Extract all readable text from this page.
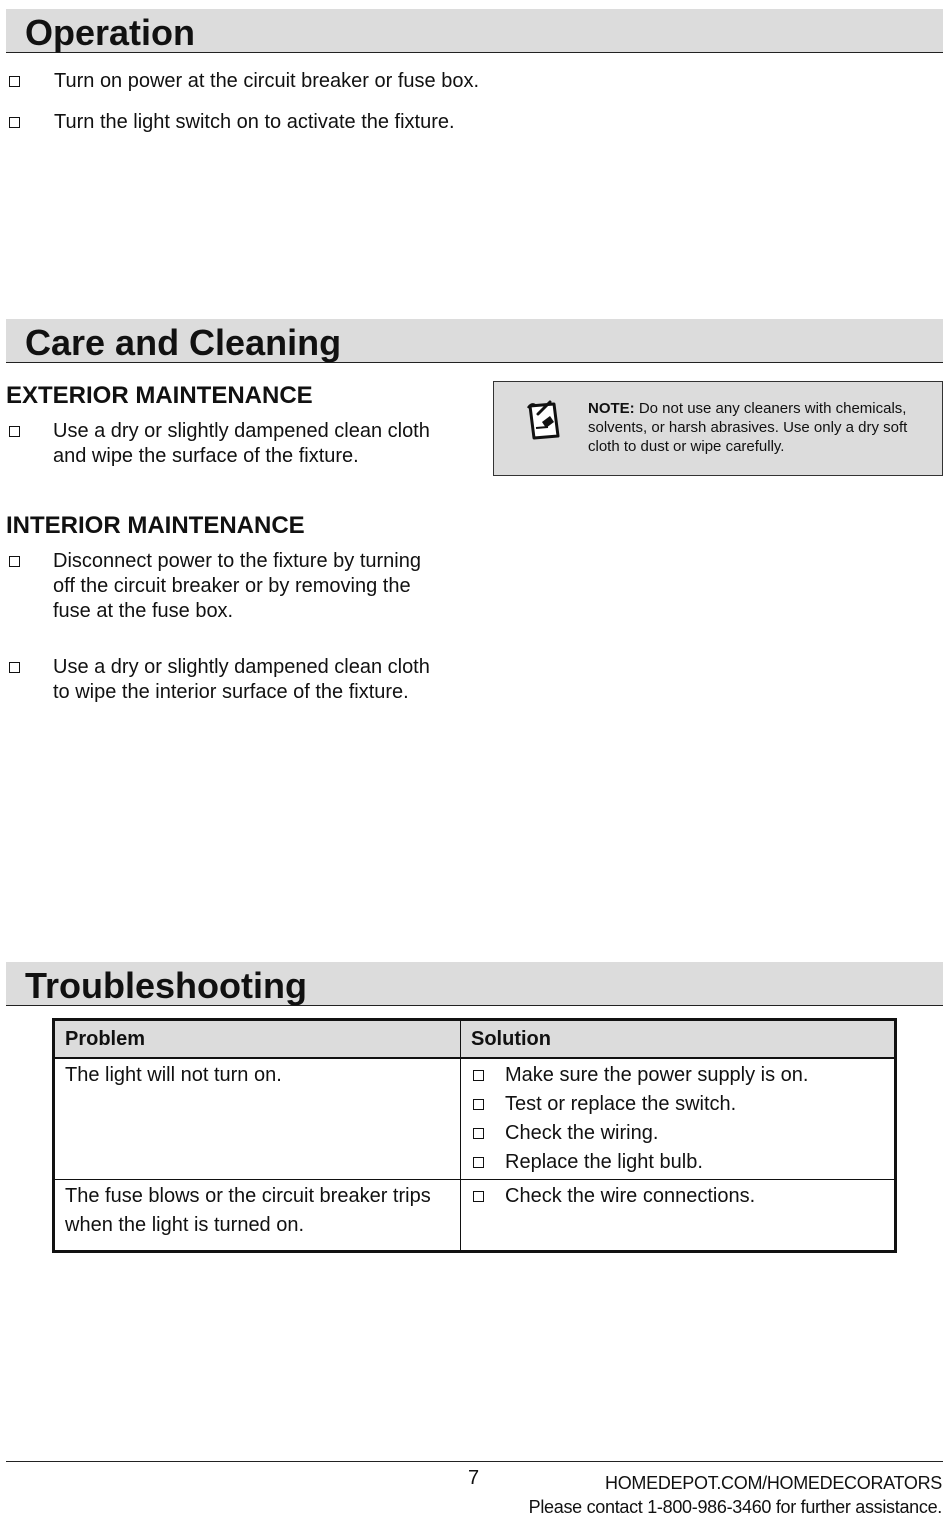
Operation
Turn on power at the circuit breaker or fuse box.
Turn the light switch on to activate the fixture.
Care and Cleaning
EXTERIOR MAINTENANCE
Use a dry or slightly dampened clean cloth
and wipe the surface of the fixture.
NOTE: Do not use any cleaners with chemicals, solvents, or harsh abrasives. Use only a dry soft cloth to dust or wipe carefully.
INTERIOR MAINTENANCE
Disconnect power to the fixture by turning
off the circuit breaker or by removing the
fuse at the fuse box.
Use a dry or slightly dampened clean cloth
to wipe the interior surface of the fixture.
Troubleshooting
Problem	Solution
The light will not turn on.	Make sure the power supply is on.
Test or replace the switch.
Check the wiring.
Replace the light bulb.

The fuse blows or the circuit breaker trips when the light is turned on.	Check the wire connections.
7	HOMEDEPOT.COM/HOMEDECORATORS
Please contact 1-800-986-3460 for further assistance.
